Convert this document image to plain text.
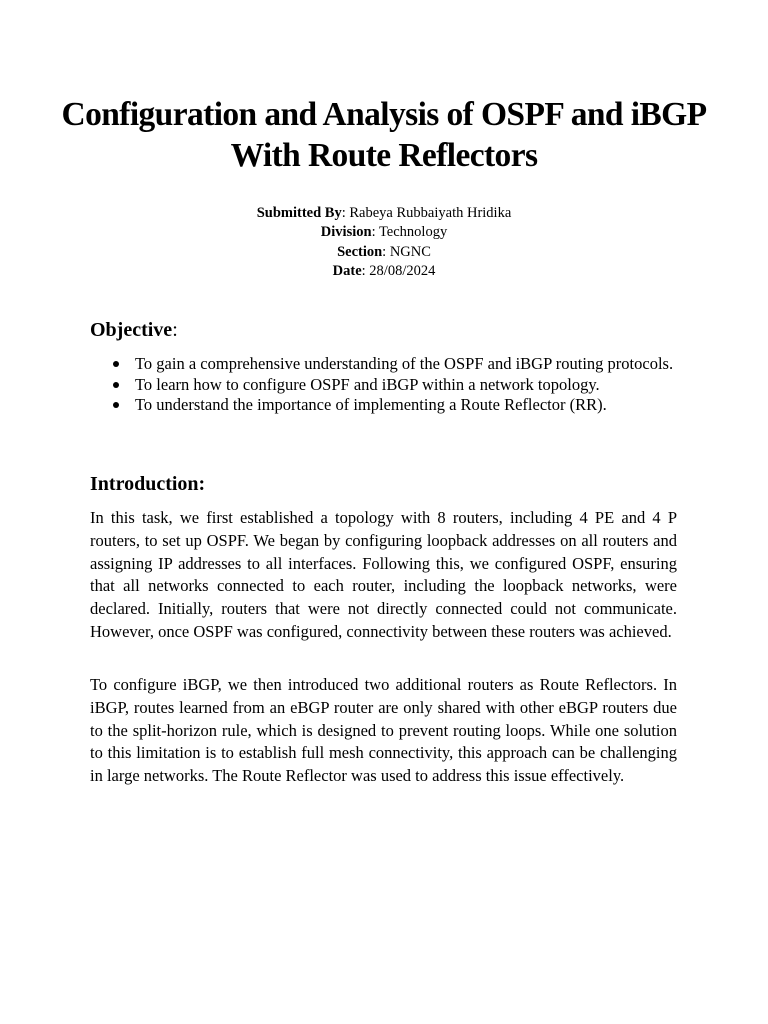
Configuration and Analysis of OSPF and iBGP With Route Reflectors
Submitted By: Rabeya Rubbaiyath Hridika
Division: Technology
Section: NGNC
Date: 28/08/2024
Objective:
To gain a comprehensive understanding of the OSPF and iBGP routing protocols.
To learn how to configure OSPF and iBGP within a network topology.
To understand the importance of implementing a Route Reflector (RR).
Introduction:

In this task, we first established a topology with 8 routers, including 4 PE and 4 P routers, to set up OSPF. We began by configuring loopback addresses on all routers and assigning IP addresses to all interfaces. Following this, we configured OSPF, ensuring that all networks connected to each router, including the loopback networks, were declared. Initially, routers that were not directly connected could not communicate. However, once OSPF was configured, connectivity between these routers was achieved.

To configure iBGP, we then introduced two additional routers as Route Reflectors. In iBGP, routes learned from an eBGP router are only shared with other eBGP routers due to the split-horizon rule, which is designed to prevent routing loops. While one solution to this limitation is to establish full mesh connectivity, this approach can be challenging in large networks. The Route Reflector was used to address this issue effectively.
